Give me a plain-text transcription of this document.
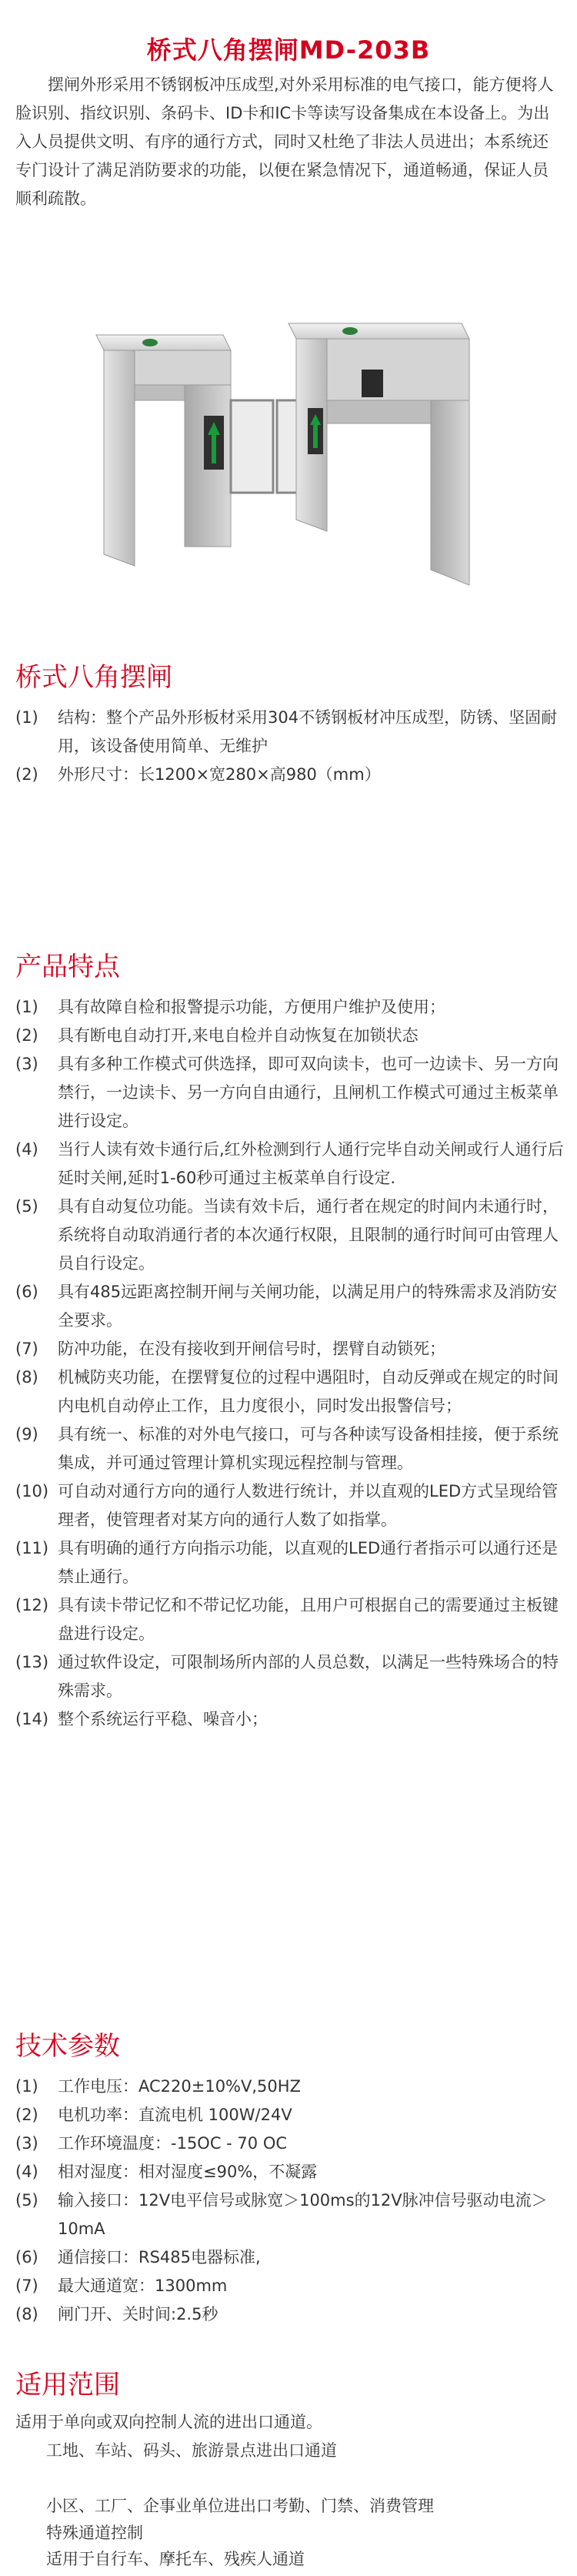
桥式八角摆闸MD-203B
摆闸外形采用不锈钢板冲压成型,对外采用标准的电气接口，能方便将人脸识别、指纹识别、条码卡、ID卡和IC卡等读写设备集成在本设备上。为出入人员提供文明、有序的通行方式，同时又杜绝了非法人员进出；本系统还专门设计了满足消防要求的功能，以便在紧急情况下，通道畅通，保证人员顺利疏散。
桥式八角摆闸
(1) 结构：整个产品外形板材采用304不锈钢板材冲压成型，防锈、坚固耐用，该设备使用简单、无维护
(2) 外形尺寸：长1200×宽280×高980（mm）
产品特点
(1) 具有故障自检和报警提示功能，方便用户维护及使用；
(2) 具有断电自动打开,来电自检并自动恢复在加锁状态
(3) 具有多种工作模式可供选择，即可双向读卡，也可一边读卡、另一方向禁行，一边读卡、另一方向自由通行，且闸机工作模式可通过主板菜单进行设定。
(4) 当行人读有效卡通行后,红外检测到行人通行完毕自动关闸或行人通行后延时关闸,延时1-60秒可通过主板菜单自行设定.
(5) 具有自动复位功能。当读有效卡后，通行者在规定的时间内未通行时，系统将自动取消通行者的本次通行权限，且限制的通行时间可由管理人员自行设定。
(6) 具有485远距离控制开闸与关闸功能，以满足用户的特殊需求及消防安全要求。
(7) 防冲功能，在没有接收到开闸信号时，摆臂自动锁死；
(8) 机械防夹功能，在摆臂复位的过程中遇阻时，自动反弹或在规定的时间内电机自动停止工作，且力度很小，同时发出报警信号；
(9) 具有统一、标准的对外电气接口，可与各种读写设备相挂接，便于系统集成，并可通过管理计算机实现远程控制与管理。
(10) 可自动对通行方向的通行人数进行统计，并以直观的LED方式呈现给管理者，使管理者对某方向的通行人数了如指掌。
(11) 具有明确的通行方向指示功能，以直观的LED通行者指示可以通行还是禁止通行。
(12) 具有读卡带记忆和不带记忆功能，且用户可根据自己的需要通过主板键盘进行设定。
(13) 通过软件设定，可限制场所内部的人员总数，以满足一些特殊场合的特殊需求。
(14) 整个系统运行平稳、噪音小；
技术参数
(1) 工作电压：AC220±10%V,50HZ
(2) 电机功率：直流电机 100W/24V
(3) 工作环境温度：-15OC - 70 OC
(4) 相对湿度：相对湿度≤90%，不凝露
(5) 输入接口：12V电平信号或脉宽＞100ms的12V脉冲信号驱动电流＞10mA
(6) 通信接口：RS485电器标准,
(7) 最大通道宽：1300mm
(8) 闸门开、关时间:2.5秒
适用范围
适用于单向或双向控制人流的进出口通道。
工地、车站、码头、旅游景点进出口通道
小区、工厂、企事业单位进出口考勤、门禁、消费管理
特殊通道控制
适用于自行车、摩托车、残疾人通道
